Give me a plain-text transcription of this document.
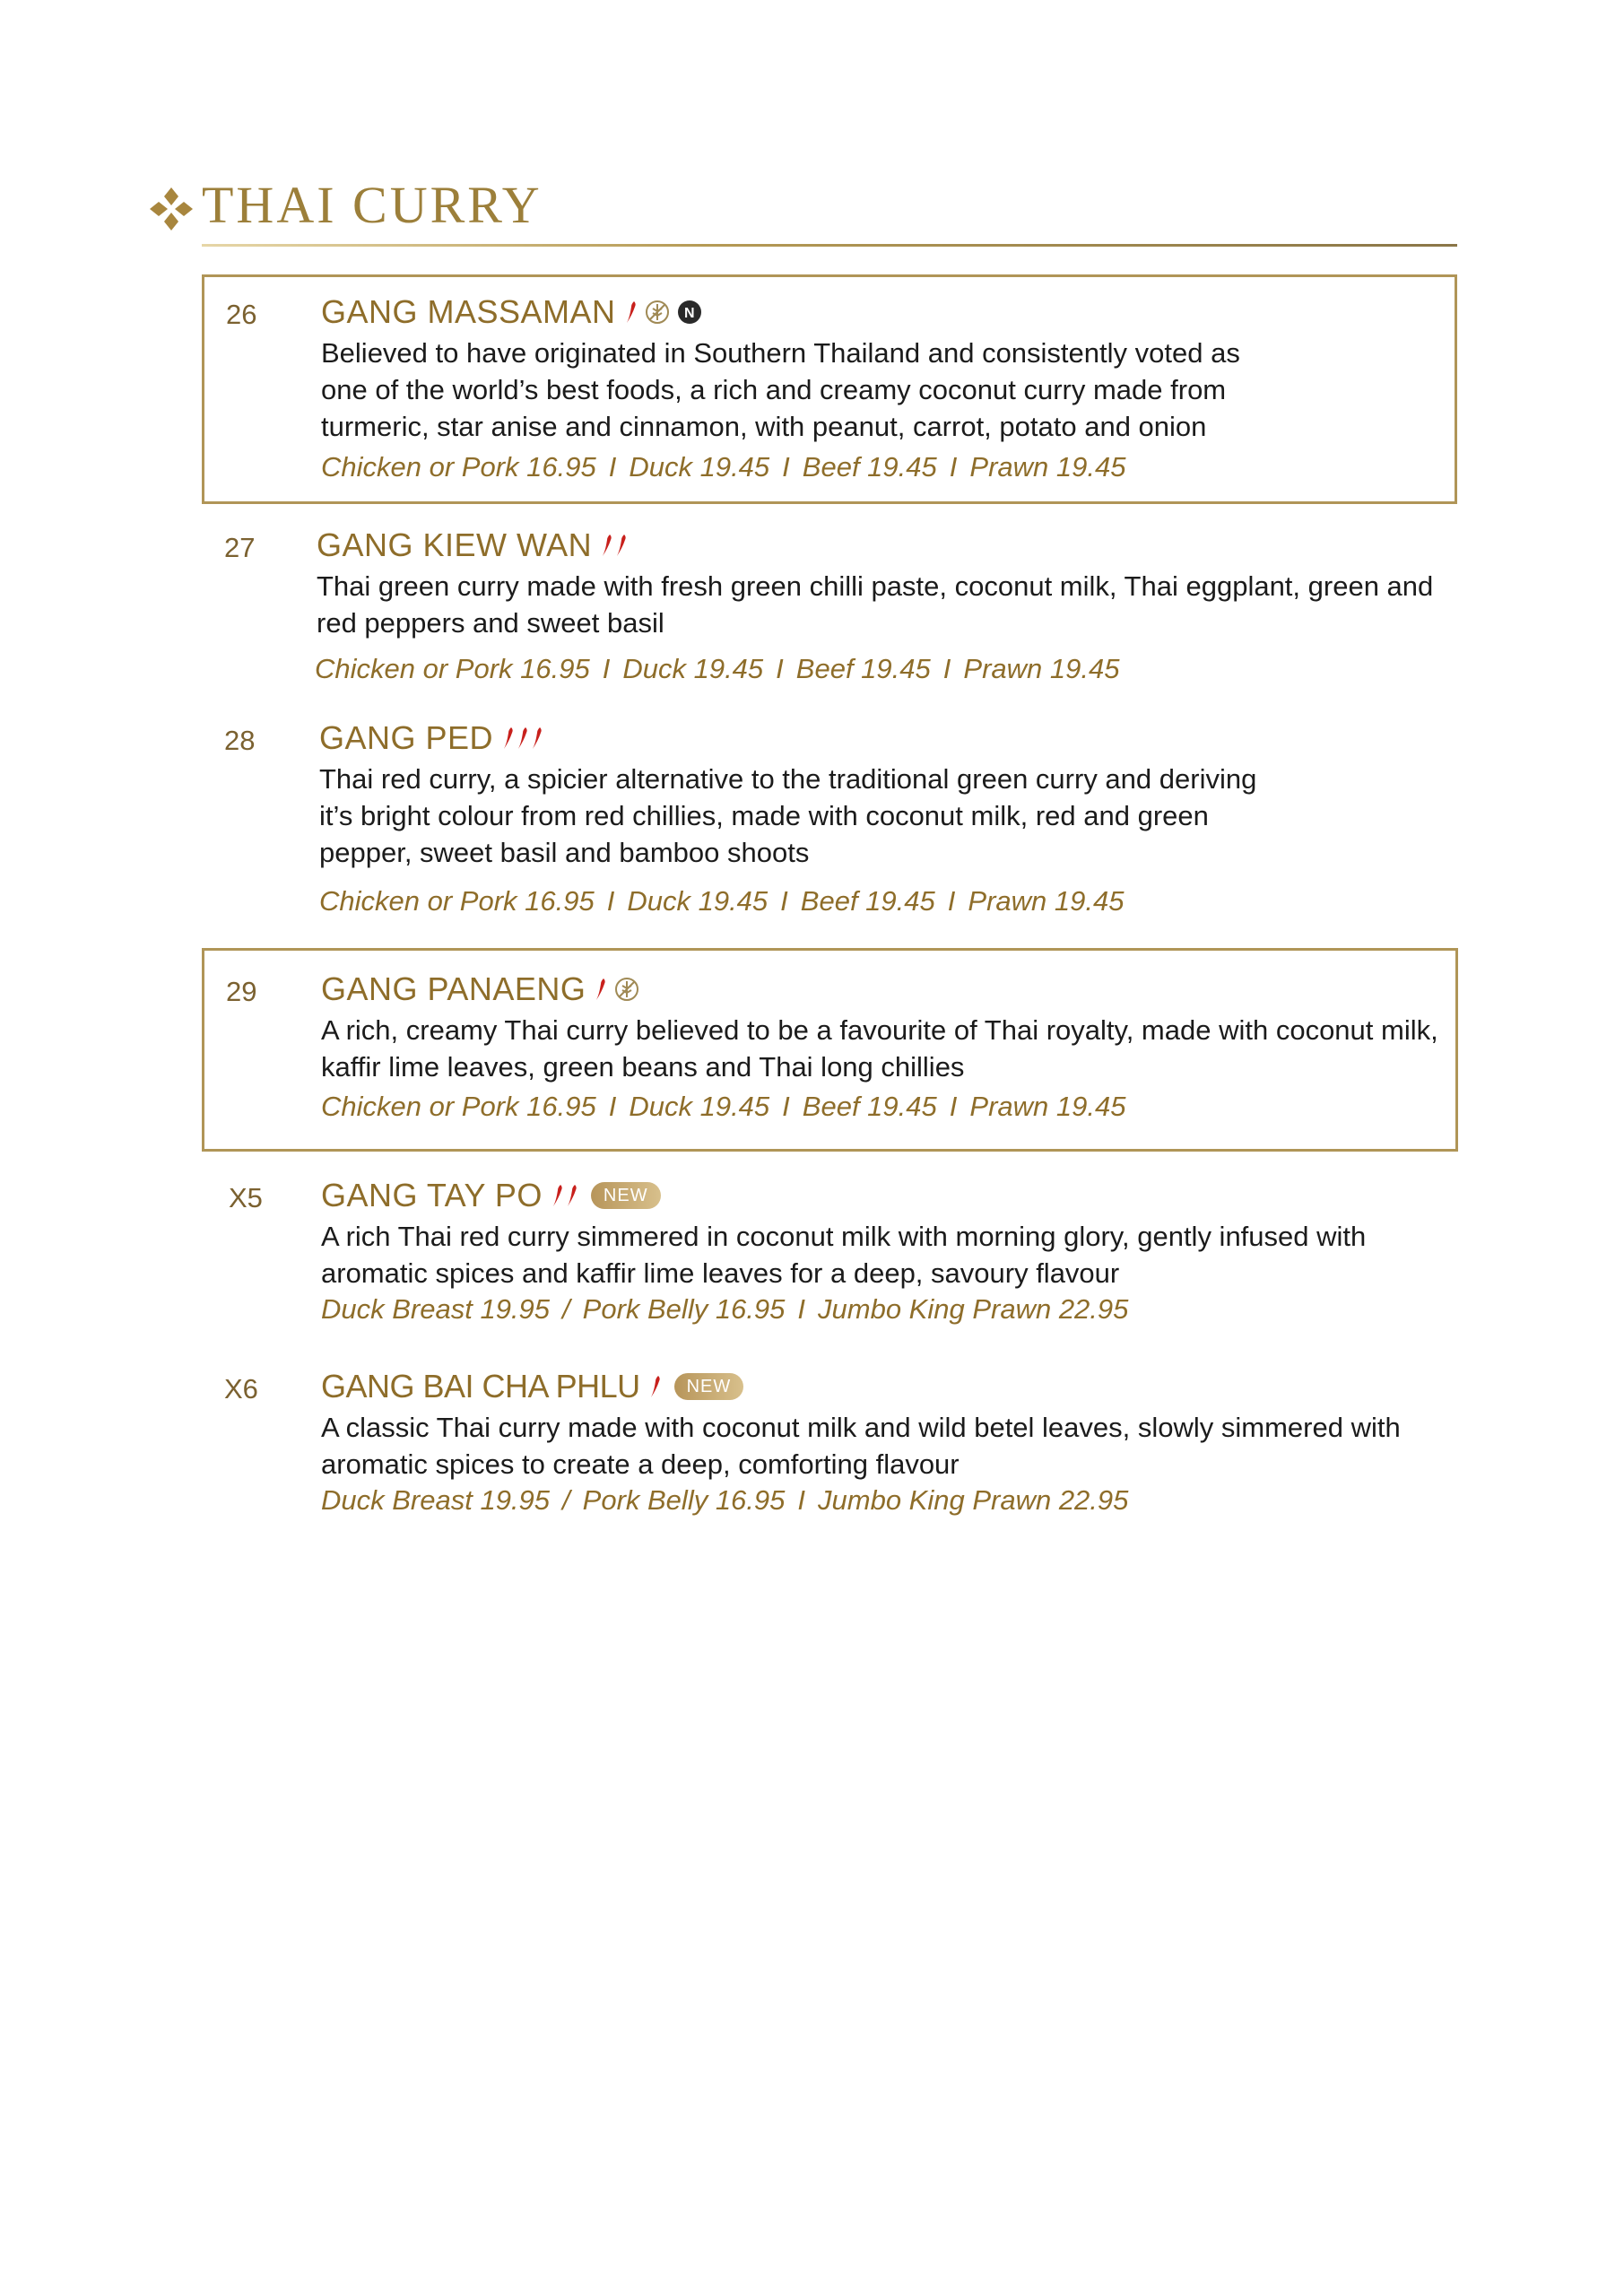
THAI CURRY
26 GANG MASSAMAN	N
Believed to have originated in Southern Thailand and consistently voted as one of the world’s best foods, a rich and creamy coconut curry made from turmeric, star anise and cinnamon, with peanut, carrot, potato and onion
Chicken or Pork 16.95 I Duck 19.45 I Beef 19.45 I Prawn 19.45
27 GANG KIEW WAN
Thai green curry made with fresh green chilli paste, coconut milk, Thai eggplant, green and red peppers and sweet basil
Chicken or Pork 16.95 I Duck 19.45 I Beef 19.45 I Prawn 19.45
28 GANG PED
Thai red curry, a spicier alternative to the traditional green curry and deriving it’s bright colour from red chillies, made with coconut milk, red and green pepper, sweet basil and bamboo shoots
Chicken or Pork 16.95 I Duck 19.45 I Beef 19.45 I Prawn 19.45
29 GANG PANAENG
A rich, creamy Thai curry believed to be a favourite of Thai royalty, made with coconut milk, kaffir lime leaves, green beans and Thai long chillies
Chicken or Pork 16.95 I Duck 19.45 I Beef 19.45 I Prawn 19.45
X5 GANG TAY PO	NEW
A rich Thai red curry simmered in coconut milk with morning glory, gently infused with aromatic spices and kaffir lime leaves for a deep, savoury flavour
Duck Breast 19.95 / Pork Belly 16.95 I Jumbo King Prawn 22.95
X6 GANG BAI CHA PHLU	NEW
A classic Thai curry made with coconut milk and wild betel leaves, slowly simmered with aromatic spices to create a deep, comforting flavour
Duck Breast 19.95 / Pork Belly 16.95 I Jumbo King Prawn 22.95
